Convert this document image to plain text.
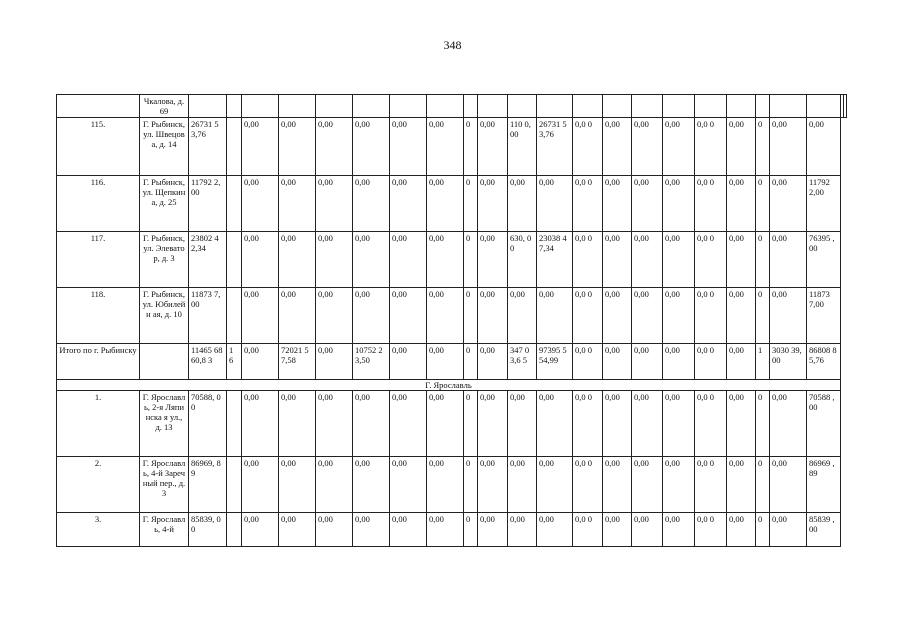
348
	Чкалова, д. 69																							
115.	Г. Рыбинск, ул. Швецова, д. 14	26731 53,76		0,00	0,00	0,00	0,00	0,00	0,00	0	0,00	110 0,00	26731 53,76	0,0 0	0,00	0,00	0,00	0,0 0	0,00	0	0,00	0,00		
116.	Г. Рыбинск, ул. Щепкина, д. 25	11792 2,00		0,00	0,00	0,00	0,00	0,00	0,00	0	0,00	0,00	0,00	0,0 0	0,00	0,00	0,00	0,0 0	0,00	0	0,00	11792 2,00		
117.	Г. Рыбинск, ул. Элеватор, д. 3	23802 42,34		0,00	0,00	0,00	0,00	0,00	0,00	0	0,00	630, 00	23038 47,34	0,0 0	0,00	0,00	0,00	0,0 0	0,00	0	0,00	76395 ,00		
118.	Г. Рыбинск, ул. Юбилейн ая, д. 10	11873 7,00		0,00	0,00	0,00	0,00	0,00	0,00	0	0,00	0,00	0,00	0,0 0	0,00	0,00	0,00	0,0 0	0,00	0	0,00	11873 7,00		
Итого по г. Рыбинску		11465 6860,8 3	1 6	0,00	72021 57,58	0,00	10752 23,50	0,00	0,00	0	0,00	347 03,6 5	97395 554,99	0,0 0	0,00	0,00	0,00	0,0 0	0,00	1	3030 39,00	86808 85,76		
Г. Ярославль																								
1.	Г. Ярославл ь, 2-я Ляпинска я ул., д. 13	70588, 00		0,00	0,00	0,00	0,00	0,00	0,00	0	0,00	0,00	0,00	0,0 0	0,00	0,00	0,00	0,0 0	0,00	0	0,00	70588 ,00		
2.	Г. Ярославл ь, 4-й Заречный пер., д. 3	86969, 89		0,00	0,00	0,00	0,00	0,00	0,00	0	0,00	0,00	0,00	0,0 0	0,00	0,00	0,00	0,0 0	0,00	0	0,00	86969 ,89		
3.	Г. Ярославл ь, 4-й	85839, 00		0,00	0,00	0,00	0,00	0,00	0,00	0	0,00	0,00	0,00	0,0 0	0,00	0,00	0,00	0,0 0	0,00	0	0,00	85839 ,00		
